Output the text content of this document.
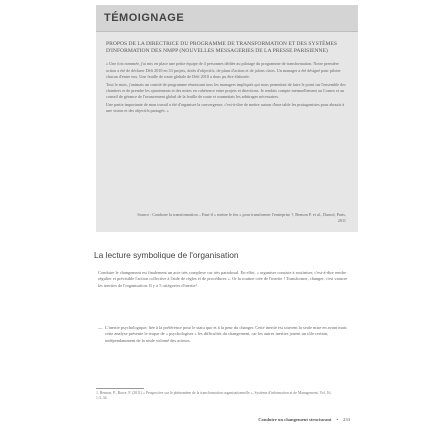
TÉMOIGNAGE
PROPOS DE LA DIRECTRICE DU PROGRAMME DE TRANSFORMATION ET DES SYSTÈMES D'INFORMATION DES NMPP (NOUVELLES MESSAGERIES DE LA PRESSE PARISIENNE)

« Une fois nommée, j'ai mis en place une petite équipe de 4 personnes dédiée au pilotage du programme de transformation. Notre première action a été de déclarer Défi 2010 en 33 projets, dotés d'objectifs, de plans d'action et de jalons clairs. Un manager a été désigné pour piloter chacun d'entre eux. Une feuille de route globale de Défi 2010 a donc pu être élaborée.

Tout le mois, j'animais un comité de programme réunissant tous les managers impliqués qui nous permettait de faire le point sur l'ensemble des chantiers et de prendre les ajustements et des mises en cohérence entre projets et directions. Je rendais compte mensuellement au Comex et au conseil de gérance de l'avancement global de la feuille de route et soumettais les arbitrages nécessaires.

Une partie importante de mon travail a été d'organiser la convergence, c'est-à-dire de mettre autour d'une table les protagonistes pour aboutir à une vision et des objectifs partagés. »

Source : Conduire la transformation – Faut-il « mettre le feu » pour transformer l'entreprise ?, Benson P. et al., Dunod, Paris, 2011
La lecture symbolique de l'organisation

Conduire le changement est finalement un acte très complexe car très paradoxal. En effet, « organiser consiste à routiniser, c'est-à-dire rendre régulier et prévisible l'action collective à l'aide de règles et de procédures ». Or la routine crée de l'inertie ! Transformer, changer, c'est vaincre les inerties de l'organisation. Il y a 5 catégories d'inertie¹.

— L'inertie psychologique, liée à la préférence pour le statu quo et à la peur du changer. Cette inertie est souvent la seule mise en avant mais cette analyse présente le risque de « psychologiser » les difficultés du changement, car les autres inerties jouent un rôle certain, indépendamment de la seule volonté des acteurs.

1. Benson, P., Rowe, F. (2011) « Perspective sur le phénomène de la transformation organisationnelle », Système d'information et de Management, Vol. 16, 1:3–34.

Conduire un changement structurant • 233
